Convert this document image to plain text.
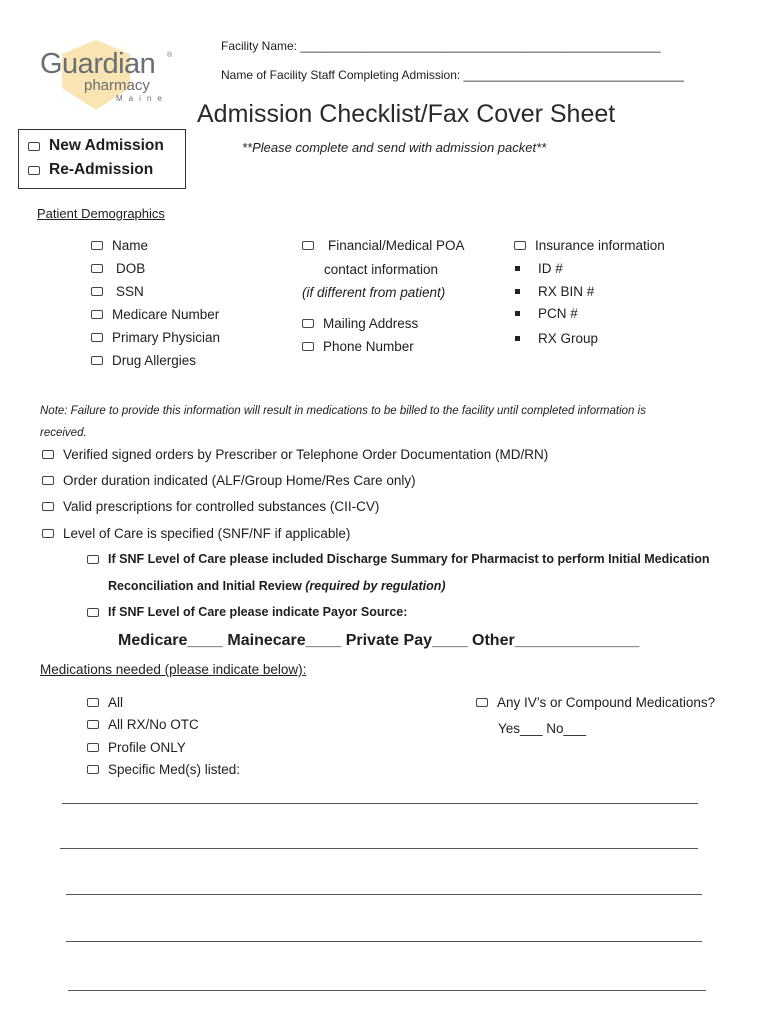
Guardian ®
pharmacy
Maine
Facility Name: ______________________________________________________
Name of Facility Staff Completing Admission: _________________________________
Admission Checklist/Fax Cover Sheet
New Admission
Re-Admission
**Please complete and send with admission packet**
Patient Demographics
Name
DOB
SSN
Medicare Number
Primary Physician
Drug Allergies
Financial/Medical POA
contact information
(if different from patient)
Mailing Address
Phone Number
Insurance information
ID #
RX BIN #
PCN #
RX Group
Note: Failure to provide this information will result in medications to be billed to the facility until completed information is
received.
Verified signed orders by Prescriber or Telephone Order Documentation (MD/RN)
Order duration indicated (ALF/Group Home/Res Care only)
Valid prescriptions for controlled substances (CII-CV)
Level of Care is specified (SNF/NF if applicable)
If SNF Level of Care please included Discharge Summary for Pharmacist to perform Initial Medication
Reconciliation and Initial Review (required by regulation)
If SNF Level of Care please indicate Payor Source:
Medicare____ Mainecare____ Private Pay____ Other______________
Medications needed (please indicate below):
All
All RX/No OTC
Profile ONLY
Specific Med(s) listed:
Any IV’s or Compound Medications?
Yes___ No___
